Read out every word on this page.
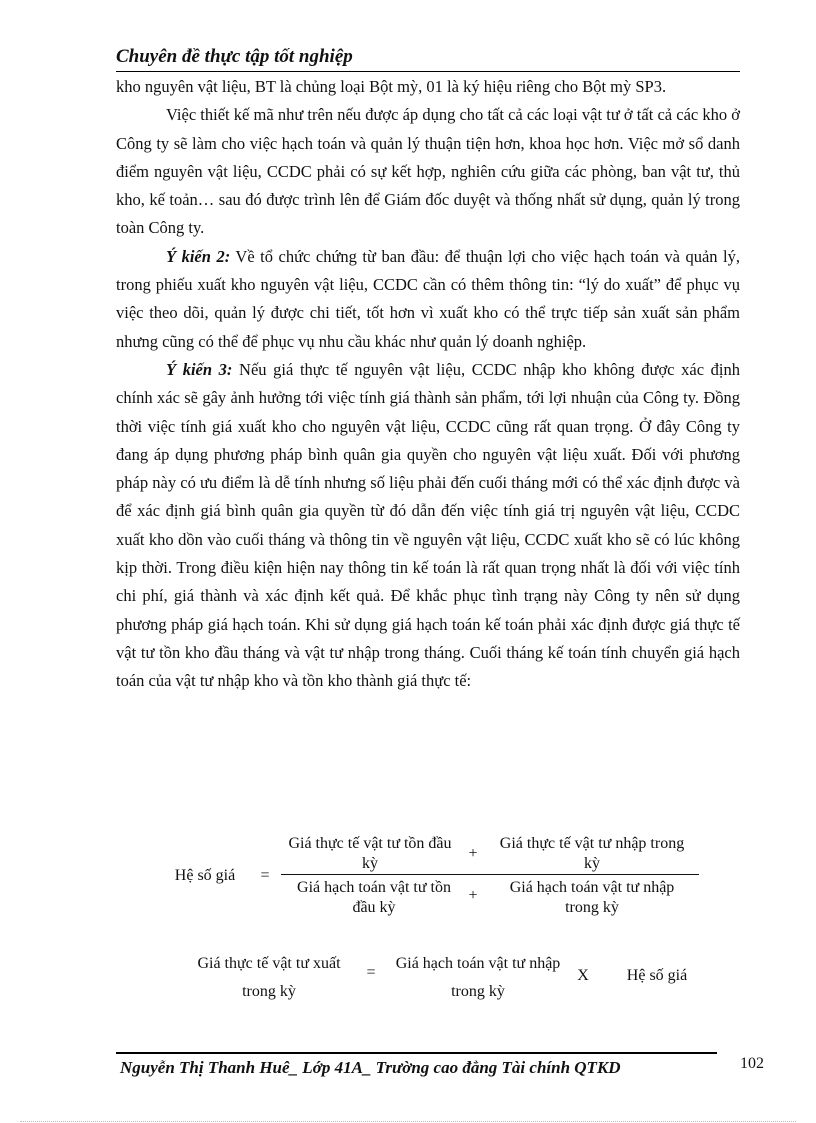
Chuyên đề thực tập tốt nghiệp

kho nguyên vật liệu, BT là chủng loại Bột mỳ, 01 là ký hiệu riêng cho Bột mỳ SP3.

Việc thiết kế mã như trên nếu được áp dụng cho tất cả các loại vật tư ở tất cả các kho ở Công ty sẽ làm cho việc hạch toán và quản lý thuận tiện hơn, khoa học hơn. Việc mở sổ danh điểm nguyên vật liệu, CCDC phải có sự kết hợp, nghiên cứu giữa các phòng, ban vật tư, thủ kho, kế toản… sau đó được trình lên để Giám đốc duyệt và thống nhất sử dụng, quản lý trong toàn Công ty.

Ý kiến 2: Về tổ chức chứng từ ban đầu: để thuận lợi cho việc hạch toán và quản lý, trong phiếu xuất kho nguyên vật liệu, CCDC cần có thêm thông tin: “lý do xuất” để phục vụ việc theo dõi, quản lý được chi tiết, tốt hơn vì xuất kho có thể trực tiếp sản xuất sản phẩm nhưng cũng có thể để phục vụ nhu cầu khác như quản lý doanh nghiệp.

Ý kiến 3: Nếu giá thực tế nguyên vật liệu, CCDC nhập kho không được xác định chính xác sẽ gây ảnh hưởng tới việc tính giá thành sản phẩm, tới lợi nhuận của Công ty. Đồng thời việc tính giá xuất kho cho nguyên vật liệu, CCDC cũng rất quan trọng. Ở đây Công ty đang áp dụng phương pháp bình quân gia quyền cho nguyên vật liệu xuất. Đối với phương pháp này có ưu điểm là dễ tính nhưng số liệu phải đến cuối tháng mới có thể xác định được và để xác định giá bình quân gia quyền từ đó dẫn đến việc tính giá trị nguyên vật liệu, CCDC xuất kho dồn vào cuối tháng và thông tin về nguyên vật liệu, CCDC xuất kho sẽ có lúc không kịp thời. Trong điều kiện hiện nay thông tin kế toán là rất quan trọng nhất là đối với việc tính chi phí, giá thành và xác định kết quả. Để khắc phục tình trạng này Công ty nên sử dụng phương pháp giá hạch toán. Khi sử dụng giá hạch toán kế toán phải xác định được giá thực tế vật tư tồn kho đầu tháng và vật tư nhập trong tháng. Cuối tháng kế toán tính chuyển giá hạch toán của vật tư nhập kho và tồn kho thành giá thực tế:

Hệ số giá	=
Giá thực tế vật tư tồn đầu kỳ
+
Giá thực tế vật tư nhập trong kỳ
Giá hạch toán vật tư tồn đầu kỳ
+	Giá hạch toán vật tư nhập trong kỳ
Giá thực tế vật tư xuất trong kỳ
=
Giá hạch toán vật tư nhập trong kỳ
X	Hệ số giá
Nguyễn Thị Thanh Huê_ Lớp 41A_ Trường cao đẳng Tài chính QTKD	102
